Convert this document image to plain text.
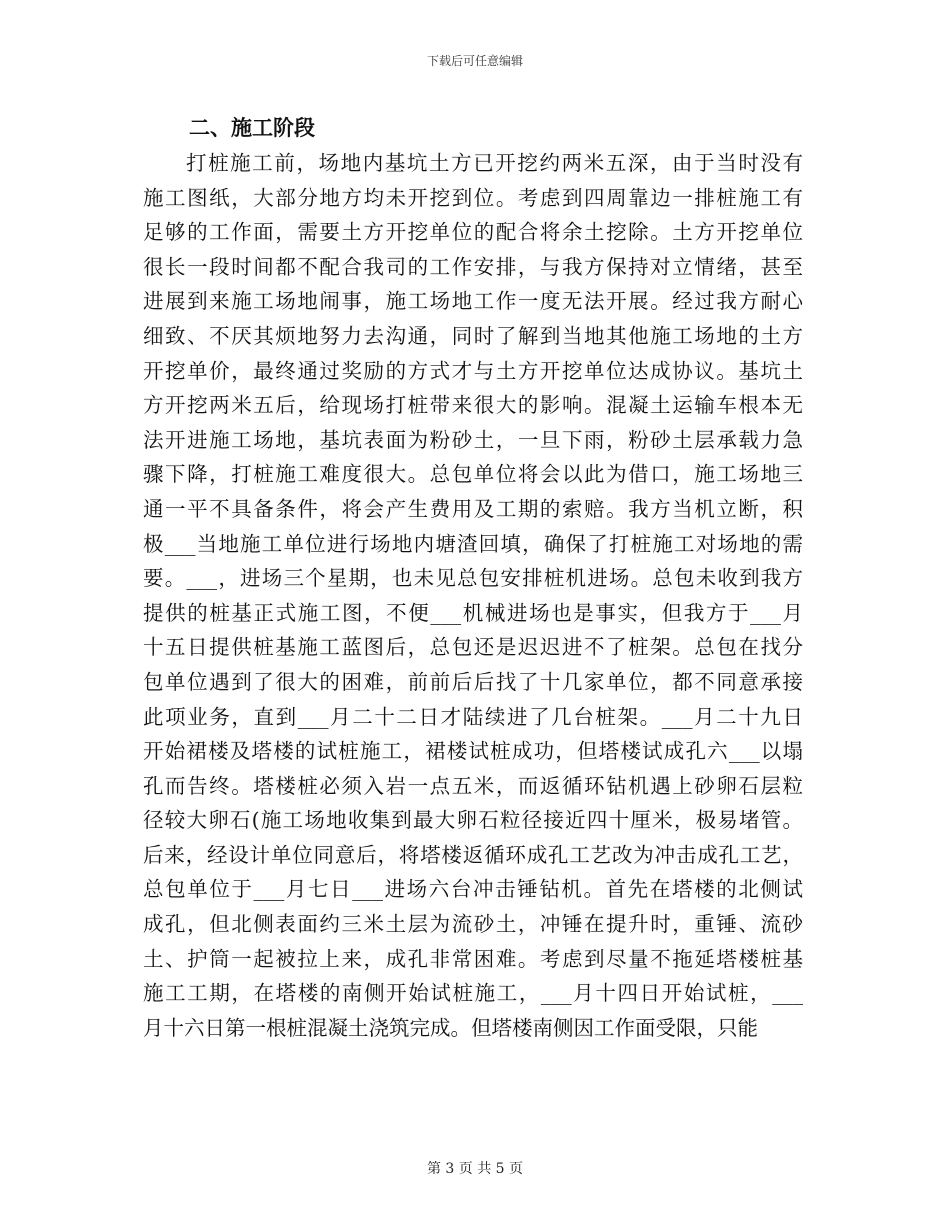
下载后可任意编辑
二、施工阶段
打桩施工前，场地内基坑土方已开挖约两米五深，由于当时没有
施工图纸，大部分地方均未开挖到位。考虑到四周靠边一排桩施工有
足够的工作面，需要土方开挖单位的配合将余土挖除。土方开挖单位
很长一段时间都不配合我司的工作安排，与我方保持对立情绪，甚至
进展到来施工场地闹事，施工场地工作一度无法开展。经过我方耐心
细致、不厌其烦地努力去沟通，同时了解到当地其他施工场地的土方
开挖单价，最终通过奖励的方式才与土方开挖单位达成协议。基坑土
方开挖两米五后，给现场打桩带来很大的影响。混凝土运输车根本无
法开进施工场地，基坑表面为粉砂土，一旦下雨，粉砂土层承载力急
骤下降，打桩施工难度很大。总包单位将会以此为借口，施工场地三
通一平不具备条件，将会产生费用及工期的索赔。我方当机立断，积
极___当地施工单位进行场地内塘渣回填，确保了打桩施工对场地的需
要。___，进场三个星期，也未见总包安排桩机进场。总包未收到我方
提供的桩基正式施工图，不便___机械进场也是事实，但我方于___月
十五日提供桩基施工蓝图后，总包还是迟迟进不了桩架。总包在找分
包单位遇到了很大的困难，前前后后找了十几家单位，都不同意承接
此项业务，直到___月二十二日才陆续进了几台桩架。___月二十九日
开始裙楼及塔楼的试桩施工，裙楼试桩成功，但塔楼试成孔六___以塌
孔而告终。塔楼桩必须入岩一点五米，而返循环钻机遇上砂卵石层粒
径较大卵石(施工场地收集到最大卵石粒径接近四十厘米，极易堵管。
后来，经设计单位同意后，将塔楼返循环成孔工艺改为冲击成孔工艺，
总包单位于___月七日___进场六台冲击锤钻机。首先在塔楼的北侧试
成孔，但北侧表面约三米土层为流砂土，冲锤在提升时，重锤、流砂
土、护筒一起被拉上来，成孔非常困难。考虑到尽量不拖延塔楼桩基
施工工期，在塔楼的南侧开始试桩施工，___月十四日开始试桩，___
月十六日第一根桩混凝土浇筑完成。但塔楼南侧因工作面受限，只能
第 3 页 共 5 页
